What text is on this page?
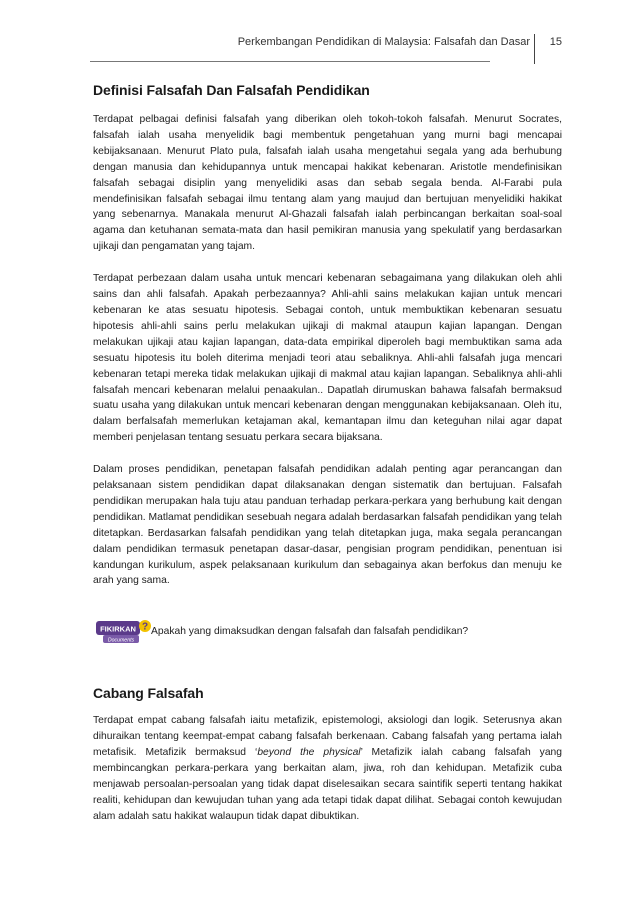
Perkembangan Pendidikan di Malaysia: Falsafah dan Dasar 15
Definisi Falsafah Dan Falsafah Pendidikan

Terdapat pelbagai definisi falsafah yang diberikan oleh tokoh-tokoh falsafah. Menurut Socrates, falsafah ialah usaha menyelidik bagi membentuk pengetahuan yang murni bagi mencapai kebijaksanaan. Menurut Plato pula, falsafah ialah usaha mengetahui segala yang ada berhubung dengan manusia dan kehidupannya untuk mencapai hakikat kebenaran. Aristotle mendefinisikan falsafah sebagai disiplin yang menyelidiki asas dan sebab segala benda. Al-Farabi pula mendefinisikan falsafah sebagai ilmu tentang alam yang maujud dan bertujuan menyelidiki hakikat yang sebenarnya. Manakala menurut Al-Ghazali falsafah ialah perbincangan berkaitan soal-soal agama dan ketuhanan semata-mata dan hasil pemikiran manusia yang spekulatif yang berdasarkan ujikaji dan pengamatan yang tajam.

Terdapat perbezaan dalam usaha untuk mencari kebenaran sebagaimana yang dilakukan oleh ahli sains dan ahli falsafah. Apakah perbezaannya? Ahli-ahli sains melakukan kajian untuk mencari kebenaran ke atas sesuatu hipotesis. Sebagai contoh, untuk membuktikan kebenaran sesuatu hipotesis ahli-ahli sains perlu melakukan ujikaji di makmal ataupun kajian lapangan. Dengan melakukan ujikaji atau kajian lapangan, data-data empirikal diperoleh bagi membuktikan sama ada sesuatu hipotesis itu boleh diterima menjadi teori atau sebaliknya. Ahli-ahli falsafah juga mencari kebenaran tetapi mereka tidak melakukan ujikaji di makmal atau kajian lapangan. Sebaliknya ahli-ahli falsafah mencari kebenaran melalui penaakulan.. Dapatlah dirumuskan bahawa falsafah bermaksud suatu usaha yang dilakukan untuk mencari kebenaran dengan menggunakan kebijaksanaan. Oleh itu, dalam berfalsafah memerlukan ketajaman akal, kemantapan ilmu dan keteguhan nilai agar dapat memberi penjelasan tentang sesuatu perkara secara bijaksana.

Dalam proses pendidikan, penetapan falsafah pendidikan adalah penting agar perancangan dan pelaksanaan sistem pendidikan dapat dilaksanakan dengan sistematik dan bertujuan. Falsafah pendidikan merupakan hala tuju atau panduan terhadap perkara-perkara yang berhubung kait dengan pendidikan. Matlamat pendidikan sesebuah negara adalah berdasarkan falsafah pendidikan yang telah ditetapkan. Berdasarkan falsafah pendidikan yang telah ditetapkan juga, maka segala perancangan dalam pendidikan termasuk penetapan dasar-dasar, pengisian program pendidikan, penentuan isi kandungan kurikulum, aspek pelaksanaan kurikulum dan sebagainya akan berfokus dan menuju ke arah yang sama.

FIKIRKAN
Documents
? Apakah yang dimaksudkan dengan falsafah dan falsafah pendidikan?
Cabang Falsafah

Terdapat empat cabang falsafah iaitu metafizik, epistemologi, aksiologi dan logik. Seterusnya akan dihuraikan tentang keempat-empat cabang falsafah berkenaan. Cabang falsafah yang pertama ialah metafisik. Metafizik bermaksud ‘beyond the physical’ Metafizik ialah cabang falsafah yang membincangkan perkara-perkara yang berkaitan alam, jiwa, roh dan kehidupan. Metafizik cuba menjawab persoalan-persoalan yang tidak dapat diselesaikan secara saintifik seperti tentang hakikat realiti, kehidupan dan kewujudan tuhan yang ada tetapi tidak dapat dilihat. Sebagai contoh kewujudan alam adalah satu hakikat walaupun tidak dapat dibuktikan.
